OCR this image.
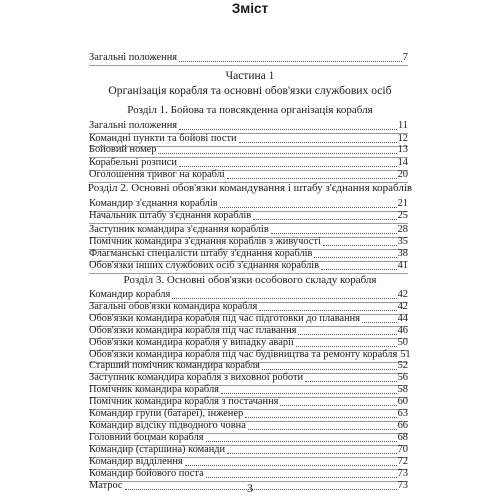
Зміст
Загальні положення	7
Частина 1
Організація корабля та основні обов'язки службових осіб
Розділ 1. Бойова та повсякденна організація корабля
Загальні положення	11
Командні пункти та бойові пости	12
Бойовий номер	13
Корабельні розписи	14
Оголошення тривог на кораблі	20
Розділ 2. Основні обов'язки командування і штабу з'єднання кораблів
Командир з'єднання кораблів	21
Начальник штабу з'єднання кораблів	25
Заступник командира з'єднання кораблів	28
Помічник командира з'єднання кораблів з живучості	35
Флагманські спеціалісти штабу з'єднання кораблів	38
Обов'язки інших службових осіб з'єднання кораблів	41
Розділ 3. Основні обов'язки особового складу корабля
Командир корабля	42
Загальні обов'язки командира корабля	42
Обов'язки командира корабля під час підготовки до плавання	44
Обов'язки командира корабля під час плавання	46
Обов'язки командира корабля у випадку аварії	50
Обов'язки командира корабля під час будівництва та ремонту корабля 51
Старший помічник командира корабля	52
Заступник командира корабля з виховної роботи	56
Помічник командира корабля	58
Помічник командира корабля з постачання	60
Командир групи (батареї), інженер	63
Командир відсіку підводного човна	66
Головний боцман корабля	68
Командир (старшина) команди	70
Командир відділення	72
Командир бойового поста	73
Матрос	73
3
